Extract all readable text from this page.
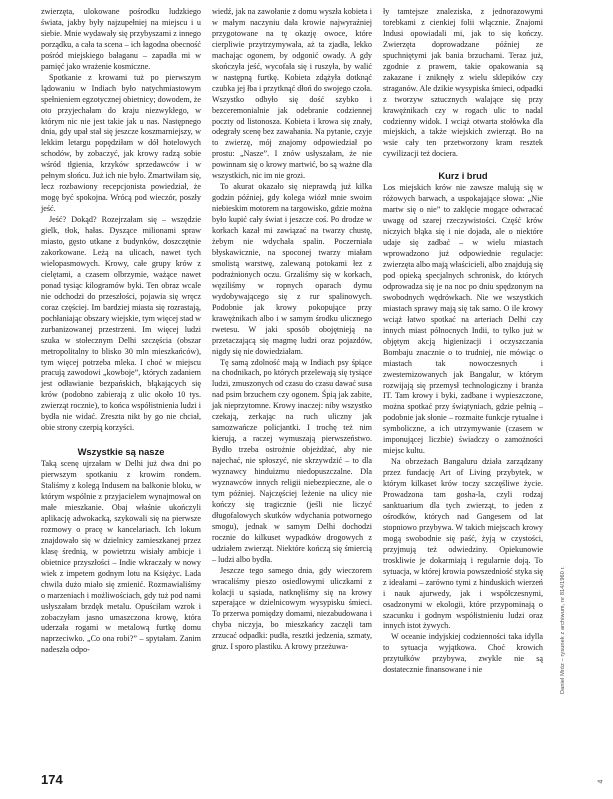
zwierzęta, ulokowane pośrodku ludzkiego świata, jakby były najzupełniej na miejscu i u siebie. Mnie wydawały się przybyszami z innego porządku, a cała ta scena – ich łagodna obecność pośród miejskiego bałaganu – zapadła mi w pamięć jako wrażenie kosmiczne.

Spotkanie z krowami tuż po pierwszym lądowaniu w Indiach było natychmiastowym spełnieniem egzotycznej obietnicy; dowodem, że oto przyjechałam do kraju niezwykłego, w którym nic nie jest takie jak u nas. Następnego dnia, gdy upał stał się jeszcze koszmarniejszy, w lekkim letargu popędziłam w dół hotelowych schodów, by zobaczyć, jak krowy radzą sobie wśród tłgienia, krzyków sprzedawców i w pełnym słońcu. Już ich nie było. Zmartwiłam się, lecz rozbawiony recepcjonista powiedział, że mogę być spokojna. Wrócą pod wieczór, poszły jeść.

Jeść? Dokąd? Rozejrzałam się – wszędzie gielk, tłok, hałas. Dyszące milionami spraw miasto, gęsto utkane z budynków, doszczętnie zakorkowane. Leżą na ulicach, nawet tych wielopasmowych. Krowy, całe grupy krów z cielętami, a czasem olbrzymie, ważące nawet ponad tysiąc kilogramów byki. Ten obraz wcale nie odchodzi do przeszłości, pojawia się wręcz coraz częściej. Im bardziej miasta się rozrastają, pochłaniając obszary wiejskie, tym więcej stad w zurbanizowanej przestrzeni. Im więcej ludzi szuka w stołecznym Delhi szczęścia (obszar metropolitalny to blisko 30 mln mieszkańców), tym więcej potrzeba mleka. I choć w miejscu pracują zawodowi „kowboje”, których zadaniem jest odławianie bezpańskich, błąkających się krów (podobno zabierają z ulic około 10 tys. zwierząt rocznie), to końca współistnienia ludzi i bydła nie widać. Zreszta nikt by go nie chciał, obie strony czerpią korzyści.

Wszystkie są nasze

Taką scenę ujrzałam w Delhi już dwa dni po pierwszym spotkaniu z krowim rondem. Staliśmy z kolegą Indusem na balkonie bloku, w którym wspólnie z przyjacielem wynajmował on małe mieszkanie. Obaj właśnie ukończyli aplikację adwokacką, szykowali się na pierwsze rozmowy o pracę w kancelariach. Ich lokum znajdowało się w dzielnicy zamieszkanej przez klasę średnią, w powietrzu wisiały ambicje i obietnice przyszłości – Indie wkraczały w nowy wiek z impetem godnym lotu na Księżyc. Lada chwila dużo miało się zmienić. Rozmawialiśmy o marzeniach i możliwościach, gdy tuż pod nami usłyszałam brzdęk metalu. Opuściłam wzrok i zobaczyłam jasno umaszczona krowę, która uderzała rogami w metalową furtkę domu naprzeciwko. „Co ona robi?” – spytałam. Zanim nadeszła odpo-

wiedź, jak na zawołanie z domu wyszła kobieta i w małym naczyniu dała krowie najwyraźniej przygotowane na tę okazję owoce, które cierpliwie przytrzymywała, aż ta zjadła, lekko machając ogonem, by odgonić owady. A gdy skończyła jeść, wycofała się i ruszyła, by walić w następną furtkę. Kobieta zdążyła dotknąć czubka jej łba i przytknąć dłoń do swojego czoła. Wszystko odbyło się dość szybko i bezceremonialnie jak odebranie codziennej poczty od listonosza. Kobieta i krowa się znały, odegrały scenę bez zawahania. Na pytanie, czyje to zwierzę, mój znajomy odpowiedział po prostu: „Nasze”. I znów usłyszałam, że nie powinnam się o krowy martwić, bo są ważne dla wszystkich, nic im nie grozi.

To akurat okazało się nieprawdą już kilka godzin później, gdy kolega wiózł mnie swoim niebieskim motorem na targowisko, gdzie można było kupić cały świat i jeszcze coś. Po drodze w korkach kazał mi zawiązać na twarzy chustę, żebym nie wdychała spalin. Poczerniała błyskawicznie, na spoconej twarzy miałam smolistą warstwę, zalewaną potokami łez z podrażnionych oczu. Grzaliśmy się w korkach, węziliśmy w ropnych oparach dymu wydobywającego się z rur spalinowych. Podobnie jak krowy pokopujące przy krawężnikach albo i w samym środku ulicznego rwetesu. W jaki sposób obojętnieją na przetaczającą się magmę ludzi oraz pojazdów, nigdy się nie dowiedziałam.

Tę samą zdolność mają w Indiach psy śpiące na chodnikach, po których przelewają się tysiące ludzi, zmuszonych od czasu do czasu dawać susa nad psim brzuchem czy ogonem. Śpią jak zabite, jak nieprzytomne. Krowy inaczej: niby wszystko czekają, zerkając na ruch uliczny jak samozwańcze policjantki. I trochę też nim kierują, a raczej wymuszają pierwszeństwo. Bydło trzeba ostrożnie objeżdżać, aby nie najechać, nie spłoszyć, nie skrzywdzić – to dla wyznawcy hinduizmu niedopuszczalne. Dla wyznawców innych religii niebezpieczne, ale o tym później. Najczęściej leżenie na ulicy nie kończy się tragicznie (jeśli nie liczyć długofalowych skutków wdychania potwornego smogu), jednak w samym Delhi dochodzi rocznie do kilkuset wypadków drogowych z udziałem zwierząt. Niektóre kończą się śmiercią – ludzi albo bydła.

Jeszcze tego samego dnia, gdy wieczorem wracaliśmy pieszo osiedlowymi uliczkami z kolacji u sąsiada, natknęliśmy się na krowy szperające w dzielnicowym wysypisku śmieci. To przerwa pomiędzy domami, niezabudowana i chyba niczyja, bo mieszkańcy zaczęli tam zrzucać odpadki: pudła, resztki jedzenia, szmaty, gruz. I sporo plastiku. A krowy przeżuwa-

ły tamtejsze znaleziska, z jednorazowymi torebkami z cienkiej folii włącznie. Znajomi Indusi opowiadali mi, jak to się kończy. Zwierzęta doprowadzane później ze spuchniętymi jak bania brzuchami. Teraz już, zgodnie z prawem, takie opakowania są zakazane i zniknęły z wielu sklepików czy straganów. Ale dzikie wysypiska śmieci, odpadki z tworzyw sztucznych walające się przy krawężnikach czy w rogach ulic to nadal codzienny widok. I wciąż otwarta stołówka dla miejskich, a także wiejskich zwierząt. Bo na wsie cały ten przetworzony kram resztek cywilizacji też dociera.

Kurz i brud

Los miejskich krów nie zawsze malują się w różowych barwach, a uspokajające słowa: „Nie martw się o nie” to zaklęcie mogące odwracać uwagę od szarej rzeczywistości. Część krów niczyich błąka się i nie dojada, ale o niektóre udaje się zadbać – w wielu miastach wprowadzono już odpowiednie regulacje: zwierzęta albo mają właścicieli, albo znajdują się pod opieką specjalnych schronisk, do których odprowadza się je na noc po dniu spędzonym na swobodnych wędrówkach. Nie we wszystkich miastach sprawy mają się tak samo. O ile krowy wciąż łatwo spotkać na arteriach Delhi czy innych miast północnych Indii, to tylko już w objętym akcją higienizacji i oczyszczania Bombaju znacznie o to trudniej, nie mówiąc o miastach tak nowoczesnych i zwesternizowanych jak Bangalur, w którym rozwijają się przemysł technologiczny i branża IT. Tam krowy i byki, zadbane i wypieszczone, można spotkać przy świątyniach, gdzie pełnią – podobnie jak słonie – rozmaite funkcje rytualne i symboliczne, a ich utrzymywanie (czasem w imponującej liczbie) świadczy o zamożności miejsc kultu.

Na obrzeżach Bangaluru działa zarządzany przez fundację Art of Living przybytek, w którym kilkaset krów toczy szczęśliwe życie. Prowadzona tam gosha-la, czyli rodzaj sanktuarium dla tych zwierząt, to jeden z ośrodków, których nad Gangesem od lat stopniowo przybywa. W takich miejscach krowy mogą swobodnie się paść, żyją w czystości, przyjmują też odwiedziny. Opiekunowie troskliwie je dokarmiają i regularnie doją. To sytuacja, w której krowia powszedniość styka się z ideałami – zarówno tymi z hinduskich wierzeń i nauk ajurwedy, jak i współczesnymi, osadzonymi w ekologii, które przypominają o szacunku i godnym współistnieniu ludzi oraz innych istot żywych.

W oceanie indyjskiej codzienności taka idylla to sytuacja wyjątkowa. Choć krowich przytułków przybywa, zwykle nie są dostatecznie finansowane i nie

174
Daniel Mróz – rysunek z archiwum, nr 814/1960 r.
4
